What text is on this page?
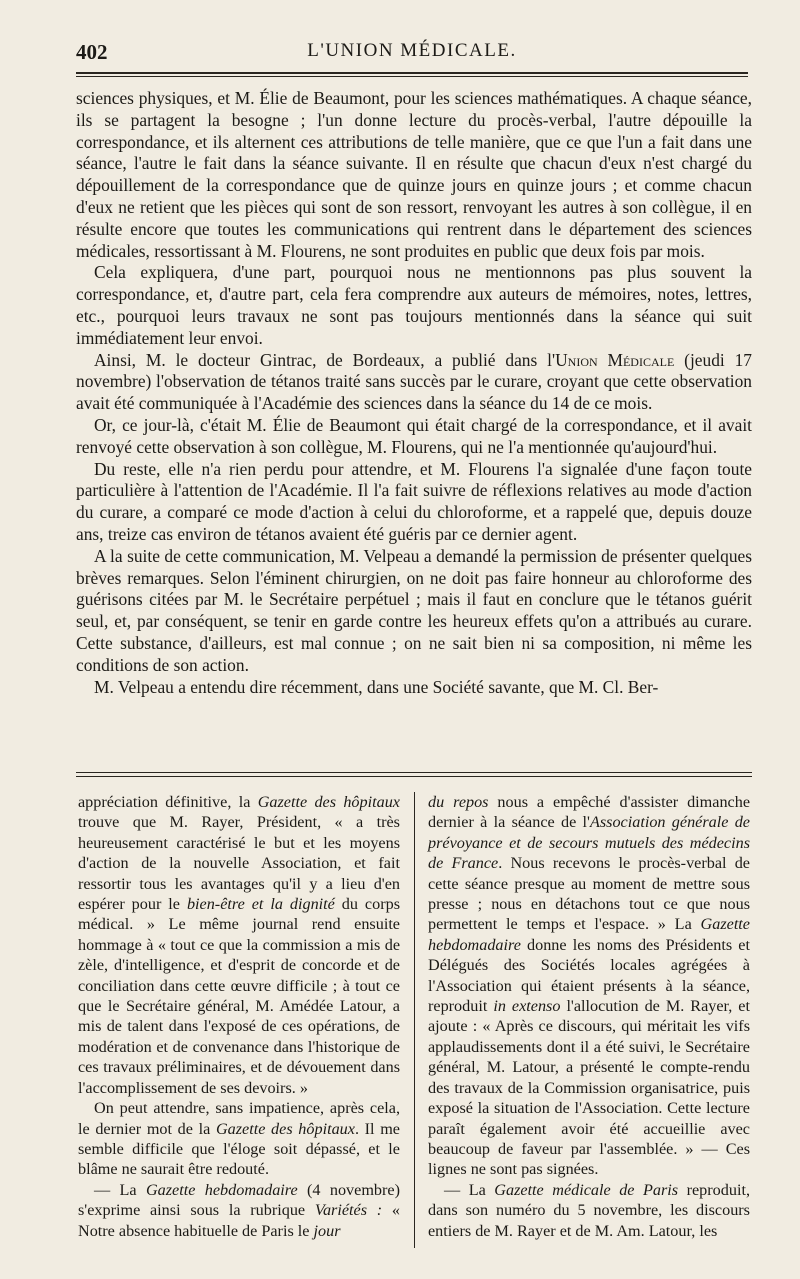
402	L'UNION MÉDICALE.

sciences physiques, et M. Élie de Beaumont, pour les sciences mathématiques. A chaque séance, ils se partagent la besogne ; l'un donne lecture du procès-verbal, l'autre dépouille la correspondance, et ils alternent ces attributions de telle manière, que ce que l'un a fait dans une séance, l'autre le fait dans la séance suivante. Il en résulte que chacun d'eux n'est chargé du dépouillement de la correspondance que de quinze jours en quinze jours ; et comme chacun d'eux ne retient que les pièces qui sont de son ressort, renvoyant les autres à son collègue, il en résulte encore que toutes les communications qui rentrent dans le département des sciences médicales, ressortissant à M. Flourens, ne sont produites en public que deux fois par mois.

Cela expliquera, d'une part, pourquoi nous ne mentionnons pas plus souvent la correspondance, et, d'autre part, cela fera comprendre aux auteurs de mémoires, notes, lettres, etc., pourquoi leurs travaux ne sont pas toujours mentionnés dans la séance qui suit immédiatement leur envoi.

Ainsi, M. le docteur Gintrac, de Bordeaux, a publié dans l'Union Médicale (jeudi 17 novembre) l'observation de tétanos traité sans succès par le curare, croyant que cette observation avait été communiquée à l'Académie des sciences dans la séance du 14 de ce mois.

Or, ce jour-là, c'était M. Élie de Beaumont qui était chargé de la correspondance, et il avait renvoyé cette observation à son collègue, M. Flourens, qui ne l'a mentionnée qu'aujourd'hui.

Du reste, elle n'a rien perdu pour attendre, et M. Flourens l'a signalée d'une façon toute particulière à l'attention de l'Académie. Il l'a fait suivre de réflexions relatives au mode d'action du curare, a comparé ce mode d'action à celui du chloroforme, et a rappelé que, depuis douze ans, treize cas environ de tétanos avaient été guéris par ce dernier agent.

A la suite de cette communication, M. Velpeau a demandé la permission de présenter quelques brèves remarques. Selon l'éminent chirurgien, on ne doit pas faire honneur au chloroforme des guérisons citées par M. le Secrétaire perpétuel ; mais il faut en conclure que le tétanos guérit seul, et, par conséquent, se tenir en garde contre les heureux effets qu'on a attribués au curare. Cette substance, d'ailleurs, est mal connue ; on ne sait bien ni sa composition, ni même les conditions de son action.

M. Velpeau a entendu dire récemment, dans une Société savante, que M. Cl. Ber-

appréciation définitive, la Gazette des hôpitaux trouve que M. Rayer, Président, « a très heureusement caractérisé le but et les moyens d'action de la nouvelle Association, et fait ressortir tous les avantages qu'il y a lieu d'en espérer pour le bien-être et la dignité du corps médical. » Le même journal rend ensuite hommage à « tout ce que la commission a mis de zèle, d'intelligence, et d'esprit de concorde et de conciliation dans cette œuvre difficile ; à tout ce que le Secrétaire général, M. Amédée Latour, a mis de talent dans l'exposé de ces opérations, de modération et de convenance dans l'historique de ces travaux préliminaires, et de dévouement dans l'accomplissement de ses devoirs. »

On peut attendre, sans impatience, après cela, le dernier mot de la Gazette des hôpitaux. Il me semble difficile que l'éloge soit dépassé, et le blâme ne saurait être redouté.

— La Gazette hebdomadaire (4 novembre) s'exprime ainsi sous la rubrique Variétés : « Notre absence habituelle de Paris le jour

du repos nous a empêché d'assister dimanche dernier à la séance de l'Association générale de prévoyance et de secours mutuels des médecins de France. Nous recevons le procès-verbal de cette séance presque au moment de mettre sous presse ; nous en détachons tout ce que nous permettent le temps et l'espace. » La Gazette hebdomadaire donne les noms des Présidents et Délégués des Sociétés locales agrégées à l'Association qui étaient présents à la séance, reproduit in extenso l'allocution de M. Rayer, et ajoute : « Après ce discours, qui méritait les vifs applaudissements dont il a été suivi, le Secrétaire général, M. Latour, a présenté le compte-rendu des travaux de la Commission organisatrice, puis exposé la situation de l'Association. Cette lecture paraît également avoir été accueillie avec beaucoup de faveur par l'assemblée. » — Ces lignes ne sont pas signées.

— La Gazette médicale de Paris reproduit, dans son numéro du 5 novembre, les discours entiers de M. Rayer et de M. Am. Latour, les
